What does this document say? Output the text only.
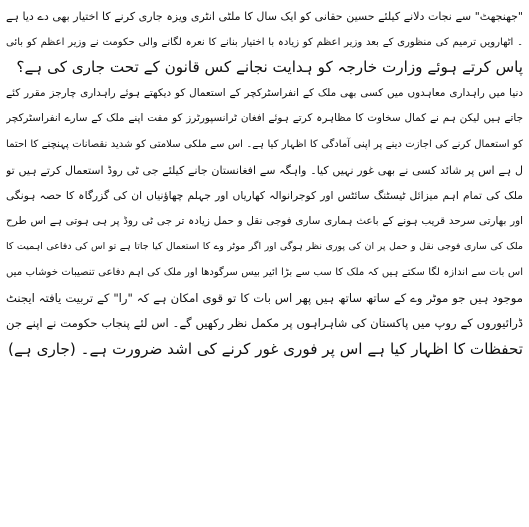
"جھنجھٹ" سے نجات دلانے کیلئے حسین حقانی کو ایک سال کا ملٹی انٹری ویزہ جاری کرنے کا اختیار بھی دے دیا ہے
۔ اٹھارویں ترمیم کی منظوری کے بعد وزیر اعظم کو زیادہ با اختیار بنانے کا نعرہ لگانے والی حکومت نے وزیر اعظم کو بائی
پاس کرتے ہوئے وزارت خارجہ کو ہدایت نجانے کس قانون کے تحت جاری کی ہے؟
دنیا میں راہداری معاہدوں میں کسی بھی ملک کے انفراسٹرکچر کے استعمال کو دیکھتے ہوئے راہداری چارجز مقرر کئے
جاتے ہیں لیکن ہم نے کمال سخاوت کا مظاہرہ کرتے ہوئے افغان ٹرانسپورٹرز کو مفت اپنے ملک کے سارے انفراسٹرکچر
کو استعمال کرنے کی اجازت دینے پر اپنی آمادگی کا اظہار کیا ہے۔ اس سے ملکی سلامتی کو شدید نقصانات پہنچنے کا احتما
ل ہے اس پر شائد کسی نے بھی غور نہیں کیا۔ واہگہ سے افغانستان جانے کیلئے جی ٹی روڈ استعمال کرتے ہیں تو
ملک کی تمام اہم میزائل ٹیسٹنگ سائٹس اور کوجرانوالہ کھاریاں اور جہلم چھاؤنیاں ان کی گزرگاہ کا حصہ ہونگی
اور بھارتی سرحد قریب ہونے کے باعث ہماری ساری فوجی نقل و حمل زیادہ تر جی ٹی روڈ پر ہی ہوتی ہے اس طرح
ملک کی ساری فوجی نقل و حمل پر ان کی پوری نظر ہوگی اور اگر موٹر وے کا استعمال کیا جاتا ہے تو اس کی دفاعی اہمیت کا
اس بات سے اندازہ لگا سکتے ہیں کہ ملک کا سب سے بڑا ائیر بیس سرگودھا اور ملک کی اہم دفاعی تنصیبات خوشاب میں
موجود ہیں جو موٹر وے کے ساتھ ساتھ ہیں پھر اس بات کا تو قوی امکان ہے کہ "را" کے تربیت یافتہ ایجنٹ
ڈرائیوروں کے روپ میں پاکستان کی شاہراہوں پر مکمل نظر رکھیں گے۔ اس لئے پنجاب حکومت نے اپنے جن
تحفظات کا اظہار کیا ہے اس پر فوری غور کرنے کی اشد ضرورت ہے۔ (جاری ہے)
